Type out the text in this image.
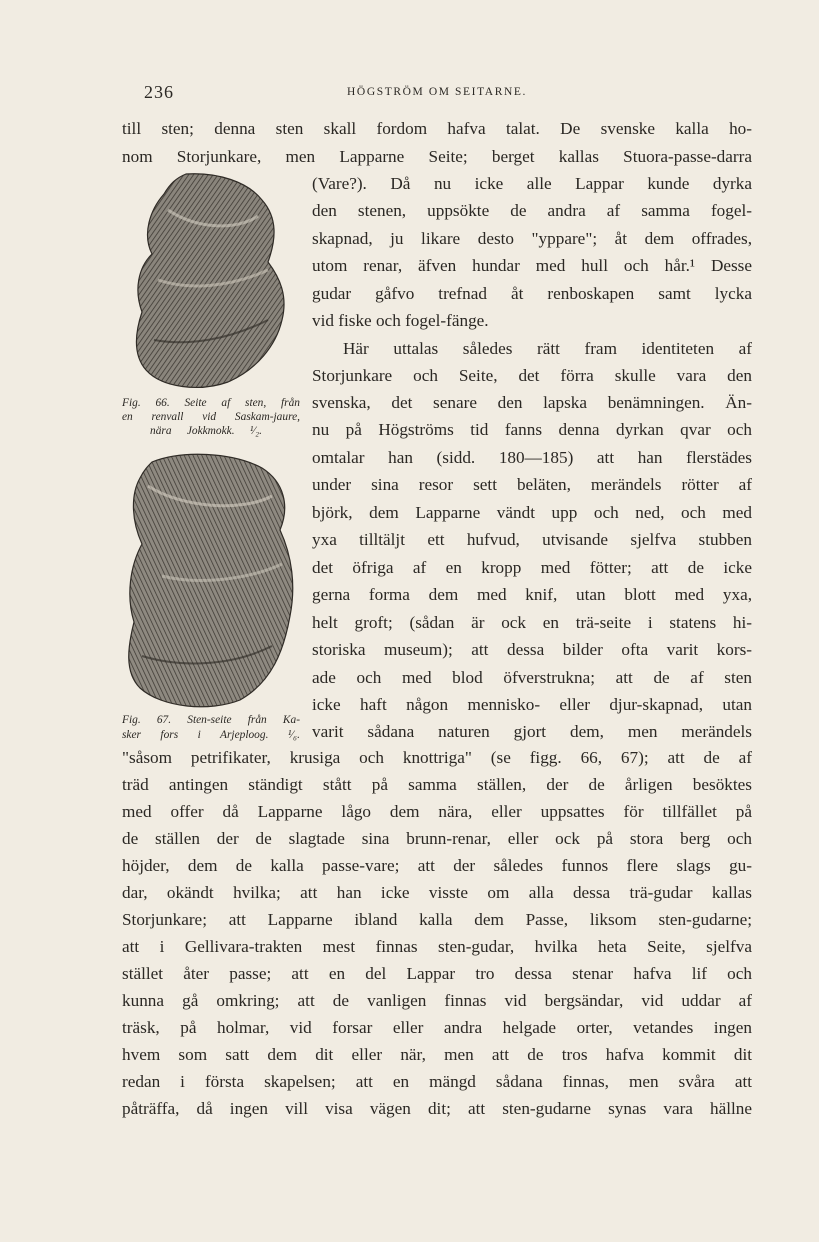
236	HÖGSTRÖM OM SEITARNE.
Fig. 66. Seite af sten, från
en renvall vid Saskam-jaure,
nära Jokkmokk. ¹⁄₂.
Fig. 67. Sten-seite från Ka-
sker fors i Arjeploog. ¹⁄₆.
till sten; denna sten skall fordom hafva talat. De svenske kalla ho-
nom Storjunkare, men Lapparne Seite; berget kallas Stuora-passe-darra
(Vare?). Då nu icke alle Lappar kunde dyrka
den stenen, uppsökte de andra af samma fogel-
skapnad, ju likare desto "yppare"; åt dem offrades,
utom renar, äfven hundar med hull och hår.¹ Desse
gudar gåfvo trefnad åt renboskapen samt lycka
vid fiske och fogel-fänge.
Här uttalas således rätt fram identiteten af
Storjunkare och Seite, det förra skulle vara den
svenska, det senare den lapska benämningen. Än-
nu på Högströms tid fanns denna dyrkan qvar och
omtalar han (sidd. 180—185) att han flerstädes
under sina resor sett beläten, merändels rötter af
björk, dem Lapparne vändt upp och ned, och med
yxa tilltäljt ett hufvud, utvisande sjelfva stubben
det öfriga af en kropp med fötter; att de icke
gerna forma dem med knif, utan blott med yxa,
helt groft; (sådan är ock en trä-seite i statens hi-
storiska museum); att dessa bilder ofta varit kors-
ade och med blod öfverstrukna; att de af sten
icke haft någon mennisko- eller djur-skapnad, utan
varit sådana naturen gjort dem, men merändels
"såsom petrifikater, krusiga och knottriga" (se figg. 66, 67); att de af
träd antingen ständigt stått på samma ställen, der de årligen besöktes
med offer då Lapparne lågo dem nära, eller uppsattes för tillfället på
de ställen der de slagtade sina brunn-renar, eller ock på stora berg och
höjder, dem de kalla passe-vare; att der således funnos flere slags gu-
dar, okändt hvilka; att han icke visste om alla dessa trä-gudar kallas
Storjunkare; att Lapparne ibland kalla dem Passe, liksom sten-gudarne;
att i Gellivara-trakten mest finnas sten-gudar, hvilka heta Seite, sjelfva
stället åter passe; att en del Lappar tro dessa stenar hafva lif och
kunna gå omkring; att de vanligen finnas vid bergsändar, vid uddar af
träsk, på holmar, vid forsar eller andra helgade orter, vetandes ingen
hvem som satt dem dit eller när, men att de tros hafva kommit dit
redan i första skapelsen; att en mängd sådana finnas, men svåra att
påträffa, då ingen vill visa vägen dit; att sten-gudarne synas vara hällne
